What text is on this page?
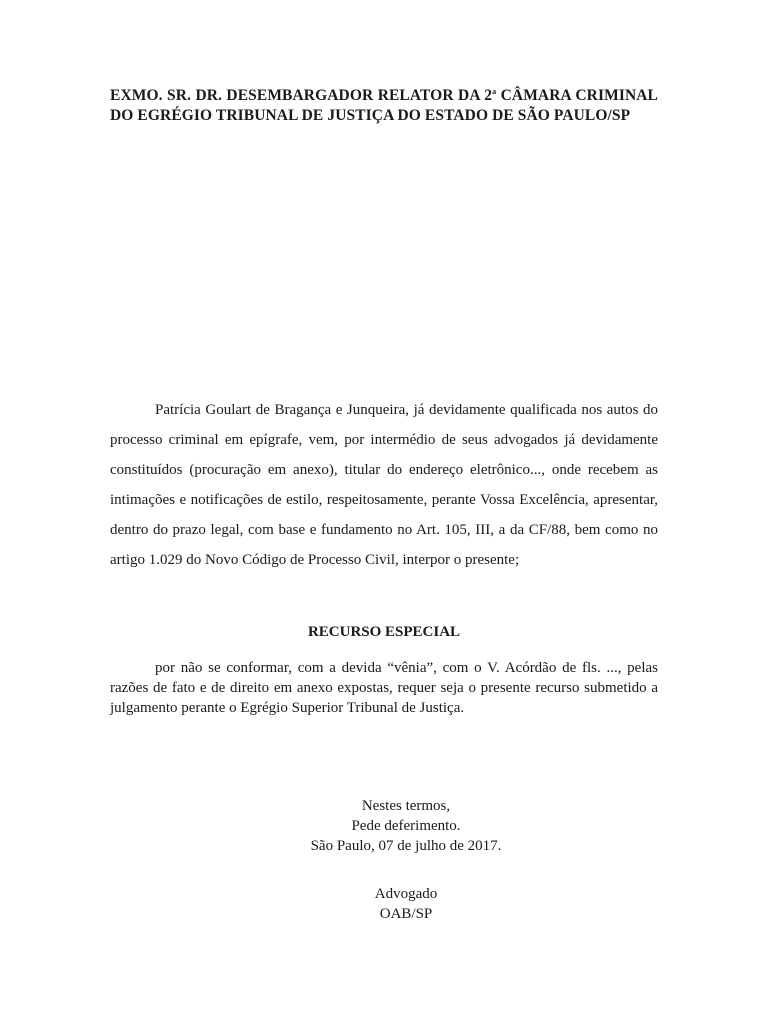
EXMO. SR. DR. DESEMBARGADOR RELATOR DA 2$^a$ CÂMARA CRIMINAL DO EGRÉGIO TRIBUNAL DE JUSTIÇA DO ESTADO DE SÃO PAULO/SP

Patrícia Goulart de Bragança e Junqueira, já devidamente qualificada nos autos do processo criminal em epígrafe, vem, por intermédio de seus advogados já devidamente constituídos (procuração em anexo), titular do endereço eletrônico..., onde recebem as intimações e notificações de estilo, respeitosamente, perante Vossa Excelência, apresentar, dentro do prazo legal, com base e fundamento no Art. 105, III, a da CF/88, bem como no artigo 1.029 do Novo Código de Processo Civil, interpor o presente;

RECURSO ESPECIAL

por não se conformar, com a devida “vênia”, com o V. Acórdão de fls. ..., pelas razões de fato e de direito em anexo expostas, requer seja o presente recurso submetido a julgamento perante o Egrégio Superior Tribunal de Justiça.

Nestes termos,
Pede deferimento.
São Paulo, 07 de julho de 2017.
Advogado
OAB/SP
